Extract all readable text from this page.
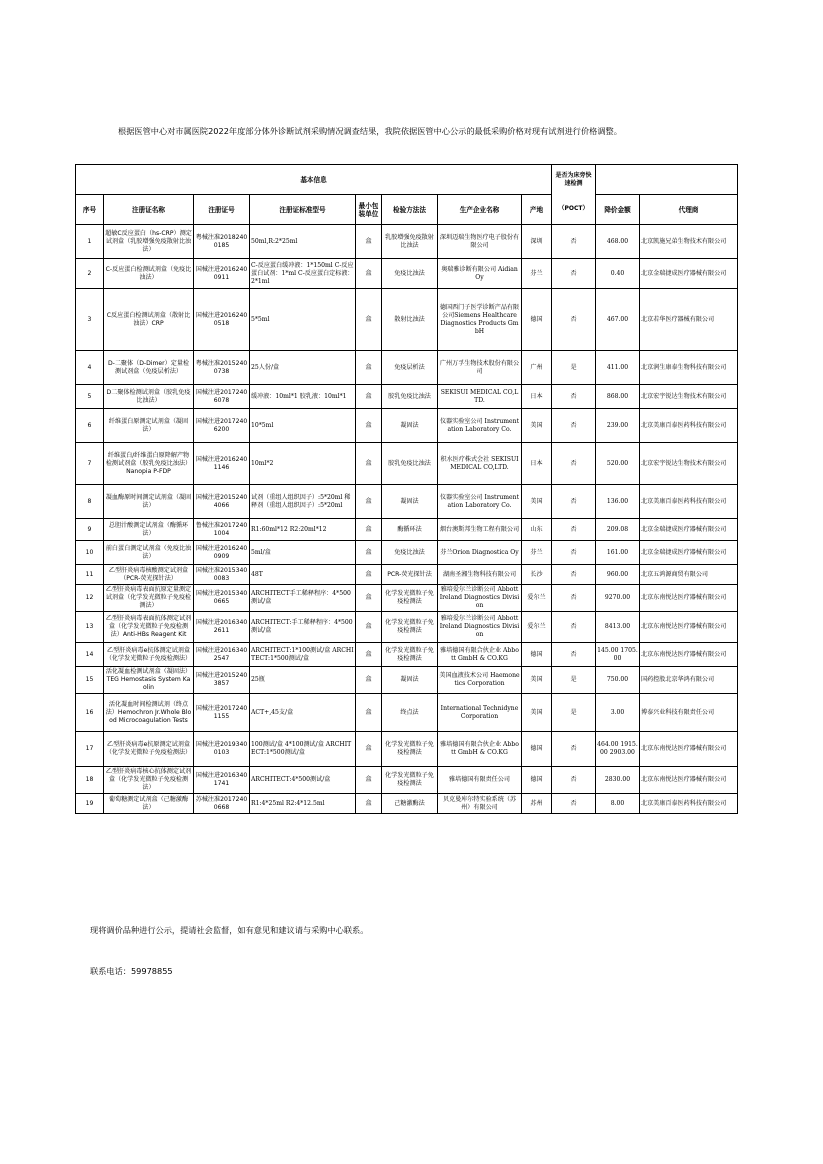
根据医管中心对市属医院2022年度部分体外诊断试剂采购情况调查结果，我院依据医管中心公示的最低采购价格对现有试剂进行价格调整。
基本信息								是否为床旁快速检测		
序号	注册证名称	注册证号	注册证标准型号	最小包装单位	检验方法法	生产企业名称	产地	（POCT）	降价金额	代理商
1	超敏C反应蛋白（hs-CRP）测定试剂盒（乳胶增强免疫散射比浊法）	粤械注准20182400185	50ml,R:2*25ml	盒	乳胶增强免疫散射比浊法	深圳迈瑞生物医疗电子股份有限公司	深圳	否	468.00	北京凯施兄弟生物技术有限公司
2	C-反应蛋白检测试剂盒（免疫比浊法）	国械注进20162400911	C-反应蛋白缓冲液：1*150ml C-反应蛋白试剂：1*ml C-反应蛋白定标液：2*1ml	盒	免疫比浊法	奥瑞雅诊断有限公司 Aidian Oy	芬兰	否	0.40	北京金瑞捷成医疗器械有限公司
3	C反应蛋白检测试剂盒（散射比浊法）CRP	国械注进20162400518	5*5ml	盒	散射比浊法	德国西门子医学诊断产品有限公司Siemens Healthcare Diagnostics Products GmbH	德国	否	467.00	北京若华医疗器械有限公司
4	D-二聚体（D-Dimer）定量检测试剂盒（免疫层析法）	粤械注准20152400738	25人份/盒	盒	免疫层析法	广州万孚生物技术股份有限公司	广州	是	411.00	北京润生康泰生物科技有限公司
5	D二聚体检测试剂盒（胶乳免疫比浊法）	国械注进20172406078	缓冲液：10ml*1 胶乳液：10ml*1	盒	胶乳免疫比浊法	SEKISUI MEDICAL CO,LTD.	日本	否	868.00	北京宏宇锐达生物技术有限公司
6	纤维蛋白原测定试剂盒（凝固法）	国械注进20172406200	10*5ml	盒	凝固法	仪器实验室公司 Instrumentation Laboratory Co.	美国	否	239.00	北京美康百泰医药科技有限公司
7	纤维蛋白/纤维蛋白原降解产物检测试剂盒（胶乳免疫比浊法）Nanopia P-FDP	国械注进20162401146	10ml*2	盒	胶乳免疫比浊法	积水医疗株式会社 SEKISUI MEDICAL CO,LTD.	日本	否	520.00	北京宏宇锐达生物技术有限公司
8	凝血酶原时间测定试剂盒（凝固法）	国械注进20152404066	试剂（重组人组织因子）:5*20ml 稀释剂（重组人组织因子）:5*20ml	盒	凝固法	仪器实验室公司 Instrumentation Laboratory Co.	美国	否	136.00	北京美康百泰医药科技有限公司
9	总胆汁酸测定试剂盒（酶循环法）	鲁械注准20172401004	R1:60ml*12 R2:20ml*12	盒	酶循环法	烟台澳斯邦生物工程有限公司	山东	否	209.08	北京金瑞捷成医疗器械有限公司
10	前白蛋白测定试剂盒（免疫比浊法）	国械注进20162400909	5ml/盒	盒	免疫比浊法	芬兰Orion Diagnostica Oy	芬兰	否	161.00	北京金瑞捷成医疗器械有限公司
11	乙型肝炎病毒核酸测定试剂盒（PCR-荧光探针法）	国械注准20153400083	48T	盒	PCR-荧光探针法	湖南圣湘生物科技有限公司	长沙	否	960.00	北京五鸿源商贸有限公司
12	乙型肝炎病毒表面抗原定量测定试剂盒（化学发光微粒子免疫检测法）	国械注进20153400665	ARCHITECT手工稀释程序：4*500测试/盒	盒	化学发光微粒子免疫检测法	雅培爱尔兰诊断公司 Abbott Ireland Diagnostics Division	爱尔兰	否	9270.00	北京东南悦达医疗器械有限公司
13	乙型肝炎病毒表面抗体测定试剂盒（化学发光微粒子免疫检测法）Anti-HBs Reagent Kit	国械注进20163402611	ARCHITECT:手工稀释程序：4*500测试/盒	盒	化学发光微粒子免疫检测法	雅培爱尔兰诊断公司 Abbott Ireland Diagnostics Division	爱尔兰	否	8413.00	北京东南悦达医疗器械有限公司
14	乙型肝炎病毒e抗体测定试剂盒（化学发光微粒子免疫检测法）	国械注进20163402547	ARCHITECT:1*100测试/盒 ARCHITECT:1*500测试/盒	盒	化学发光微粒子免疫检测法	雅培德国有限合伙企业 Abbott GmbH & CO.KG	德国	否	145.00 1705.00	北京东南悦达医疗器械有限公司
15	活化凝血检测试剂盒（凝固法）TEG Hemostasis System Kaolin	国械注进20152403857	25瓶	盒	凝固法	美国血液技术公司 Haemonetics Corporation	美国	是	750.00	国药控股北京华鸿有限公司
16	活化凝血时间检测试剂（终点法）Hemochron Jr.Whole Blood Microcoagulation Tests	国械注进20172401155	ACT+,45支/盒	盒	终点法	International Technidyne Corporation	美国	是	3.00	博泰兴业科技有限责任公司
17	乙型肝炎病毒e抗原测定试剂盒（化学发光微粒子免疫检测法）	国械注进20193400103	100测试/盒 4*100测试/盒 ARCHITECT:1*500测试/盒	盒	化学发光微粒子免疫检测法	雅培德国有限合伙企业 Abbott GmbH & CO.KG	德国	否	464.00 1915.00 2903.00	北京东南悦达医疗器械有限公司
18	乙型肝炎病毒核心抗体测定试剂盒（化学发光微粒子免疫检测法）	国械注进20163401741	ARCHITECT:4*500测试/盒	盒	化学发光微粒子免疫检测法	雅培德国有限责任公司	德国	否	2830.00	北京东南悦达医疗器械有限公司
19	葡萄糖测定试剂盒（己糖激酶法）	苏械注准20172400668	R1:4*25ml R2:4*12.5ml	盒	己糖激酶法	贝克曼库尔特实验系统（苏州）有限公司	苏州	否	8.00	北京美康百泰医药科技有限公司
现将调价品种进行公示，提请社会监督，如有意见和建议请与采购中心联系。
联系电话：59978855
